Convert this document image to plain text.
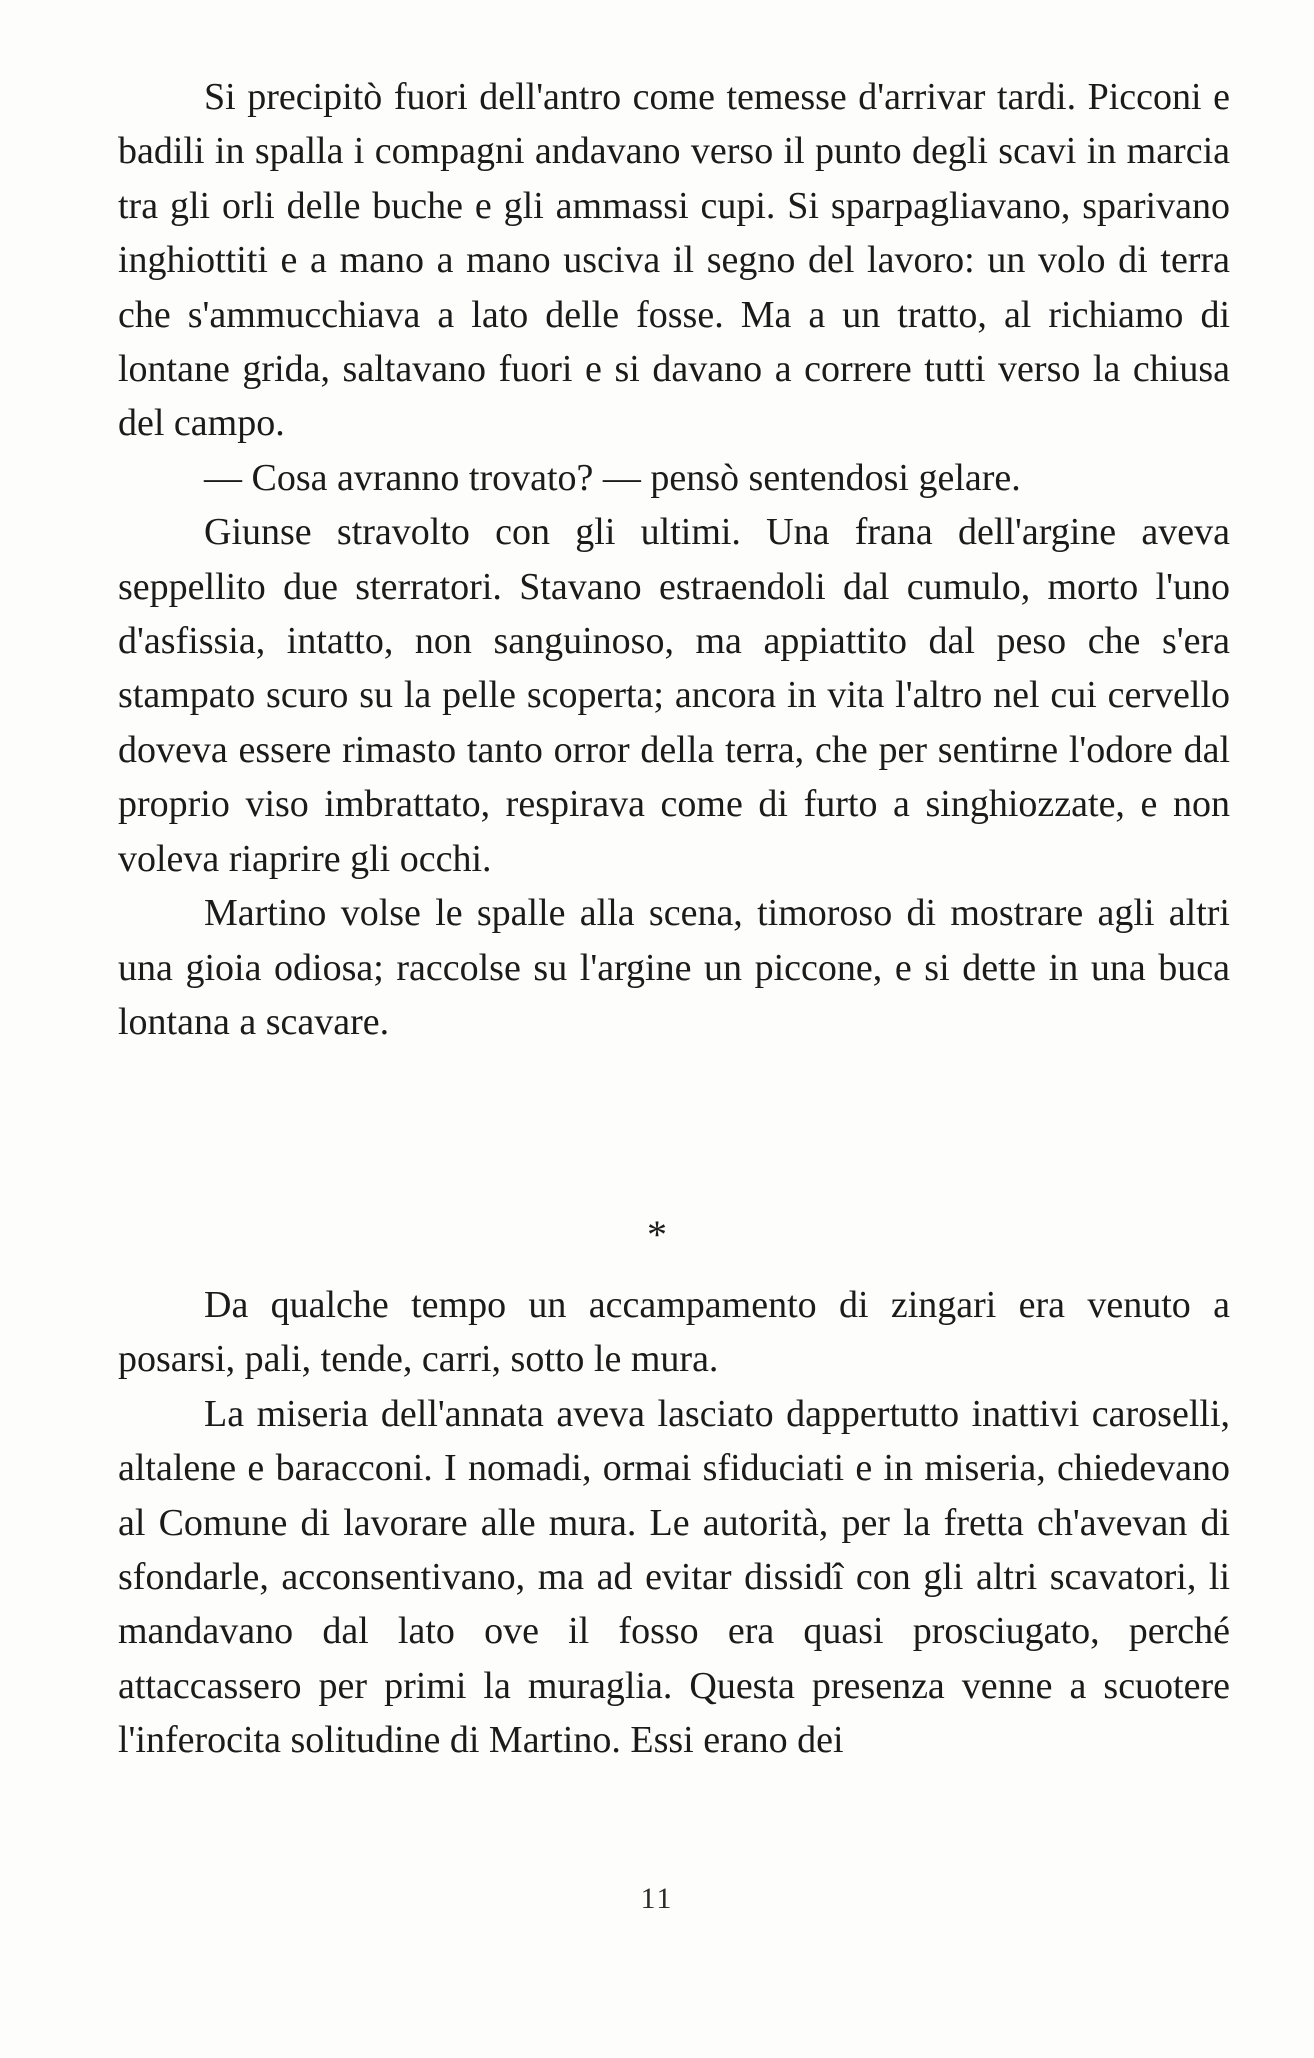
Si precipitò fuori dell'antro come temesse d'arrivar tardi. Picconi e badili in spalla i compagni andavano verso il punto degli scavi in marcia tra gli orli delle buche e gli ammassi cupi. Si sparpagliavano, sparivano inghiottiti e a mano a mano usciva il segno del lavoro: un volo di terra che s'ammucchiava a lato delle fosse. Ma a un tratto, al richiamo di lontane grida, saltavano fuori e si davano a correre tutti verso la chiusa del campo.

— Cosa avranno trovato? — pensò sentendosi gelare.

Giunse stravolto con gli ultimi. Una frana dell'argine aveva seppellito due sterratori. Stavano estraendoli dal cumulo, morto l'uno d'asfissia, intatto, non sanguinoso, ma appiattito dal peso che s'era stampato scuro su la pelle scoperta; ancora in vita l'altro nel cui cervello doveva essere rimasto tanto orror della terra, che per sentirne l'odore dal proprio viso imbrattato, respirava come di furto a singhiozzate, e non voleva riaprire gli occhi.

Martino volse le spalle alla scena, timoroso di mostrare agli altri una gioia odiosa; raccolse su l'argine un piccone, e si dette in una buca lontana a scavare.

*

Da qualche tempo un accampamento di zingari era venuto a posarsi, pali, tende, carri, sotto le mura.

La miseria dell'annata aveva lasciato dappertutto inattivi caroselli, altalene e baracconi. I nomadi, ormai sfiduciati e in miseria, chiedevano al Comune di lavorare alle mura. Le autorità, per la fretta ch'avevan di sfondarle, acconsentivano, ma ad evitar dissidî con gli altri scavatori, li mandavano dal lato ove il fosso era quasi prosciugato, perché attaccassero per primi la muraglia. Questa presenza venne a scuotere l'inferocita solitudine di Martino. Essi erano dei

11
